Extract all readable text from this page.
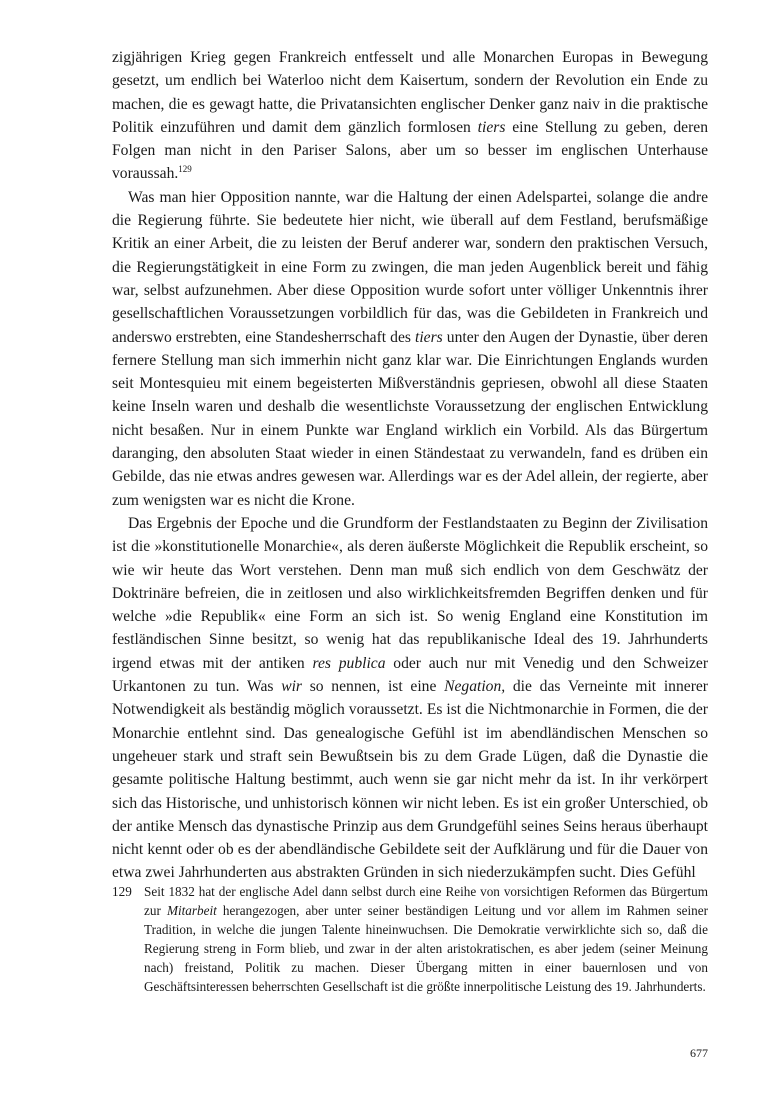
zigjährigen Krieg gegen Frankreich entfesselt und alle Monarchen Europas in Bewegung gesetzt, um endlich bei Waterloo nicht dem Kaisertum, sondern der Revolution ein Ende zu machen, die es gewagt hatte, die Privatansichten englischer Denker ganz naiv in die praktische Politik einzuführen und damit dem gänzlich formlosen tiers eine Stellung zu geben, deren Folgen man nicht in den Pariser Salons, aber um so besser im englischen Unterhause voraussah.$^{129}$

Was man hier Opposition nannte, war die Haltung der einen Adelspartei, solange die andre die Regierung führte. Sie bedeutete hier nicht, wie überall auf dem Festland, berufsmäßige Kritik an einer Arbeit, die zu leisten der Beruf anderer war, sondern den praktischen Versuch, die Regierungstätigkeit in eine Form zu zwingen, die man jeden Augenblick bereit und fähig war, selbst aufzunehmen. Aber diese Opposition wurde sofort unter völliger Unkenntnis ihrer gesellschaftlichen Voraussetzungen vorbildlich für das, was die Gebildeten in Frankreich und anderswo erstrebten, eine Standesherrschaft des tiers unter den Augen der Dynastie, über deren fernere Stellung man sich immerhin nicht ganz klar war. Die Einrichtungen Englands wurden seit Montesquieu mit einem begeisterten Mißverständnis gepriesen, obwohl all diese Staaten keine Inseln waren und deshalb die wesentlichste Voraussetzung der englischen Entwicklung nicht besaßen. Nur in einem Punkte war England wirklich ein Vorbild. Als das Bürgertum daranging, den absoluten Staat wieder in einen Ständestaat zu verwandeln, fand es drüben ein Gebilde, das nie etwas andres gewesen war. Allerdings war es der Adel allein, der regierte, aber zum wenigsten war es nicht die Krone.

Das Ergebnis der Epoche und die Grundform der Festlandstaaten zu Beginn der Zivilisation ist die »konstitutionelle Monarchie«, als deren äußerste Möglichkeit die Republik erscheint, so wie wir heute das Wort verstehen. Denn man muß sich endlich von dem Geschwätz der Doktrinäre befreien, die in zeitlosen und also wirklichkeitsfremden Begriffen denken und für welche »die Republik« eine Form an sich ist. So wenig England eine Konstitution im festländischen Sinne besitzt, so wenig hat das republikanische Ideal des 19. Jahrhunderts irgend etwas mit der antiken res publica oder auch nur mit Venedig und den Schweizer Urkantonen zu tun. Was wir so nennen, ist eine Negation, die das Verneinte mit innerer Notwendigkeit als beständig möglich voraussetzt. Es ist die Nichtmonarchie in Formen, die der Monarchie entlehnt sind. Das genealogische Gefühl ist im abendländischen Menschen so ungeheuer stark und straft sein Bewußtsein bis zu dem Grade Lügen, daß die Dynastie die gesamte politische Haltung bestimmt, auch wenn sie gar nicht mehr da ist. In ihr verkörpert sich das Historische, und unhistorisch können wir nicht leben. Es ist ein großer Unterschied, ob der antike Mensch das dynastische Prinzip aus dem Grundgefühl seines Seins heraus überhaupt nicht kennt oder ob es der abendländische Gebildete seit der Aufklärung und für die Dauer von etwa zwei Jahrhunderten aus abstrakten Gründen in sich niederzukämpfen sucht. Dies Gefühl

129 Seit 1832 hat der englische Adel dann selbst durch eine Reihe von vorsichtigen Reformen das Bürgertum zur Mitarbeit herangezogen, aber unter seiner beständigen Leitung und vor allem im Rahmen seiner Tradition, in welche die jungen Talente hineinwuchsen. Die Demokratie verwirklichte sich so, daß die Regierung streng in Form blieb, und zwar in der alten aristokratischen, es aber jedem (seiner Meinung nach) freistand, Politik zu machen. Dieser Übergang mitten in einer bauernlosen und von Geschäftsinteressen beherrschten Gesellschaft ist die größte innerpolitische Leistung des 19. Jahrhunderts.

677
